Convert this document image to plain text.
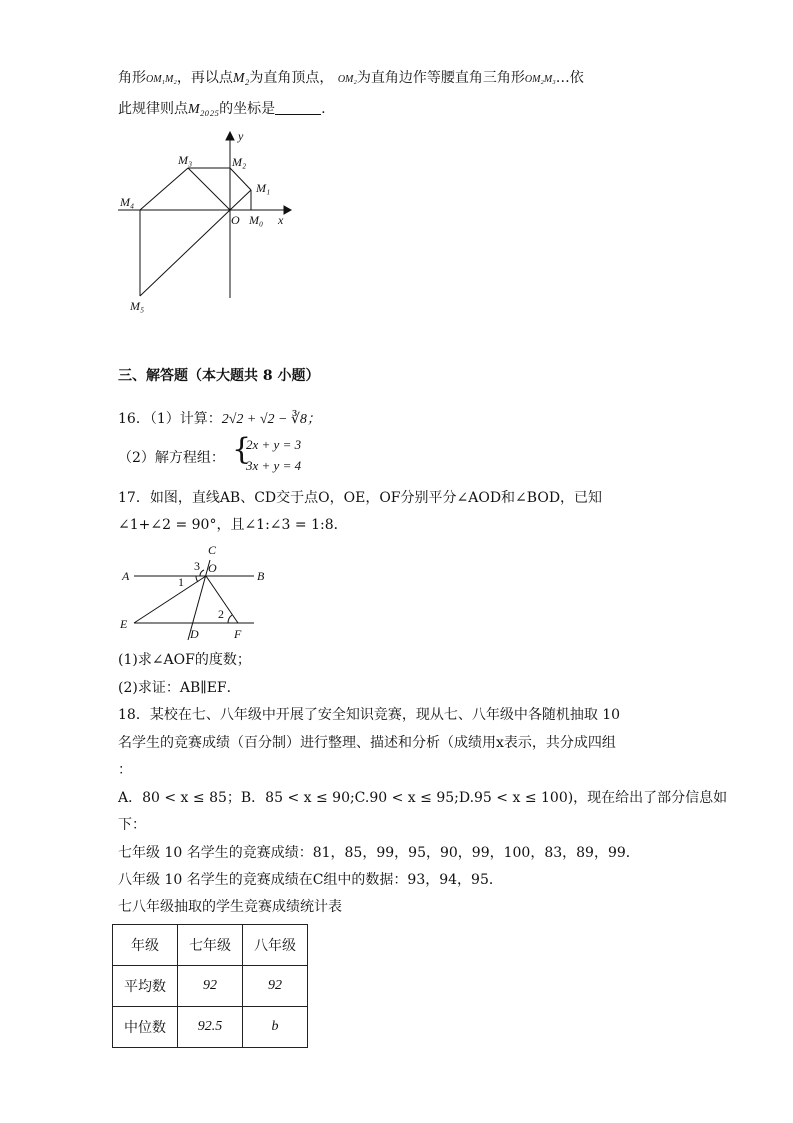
角形OM₁M₂，再以点M₂为直角顶点， OM₂为直角边作等腰直角三角形OM₂M₃…依
此规律则点M₂₀₂₅的坐标是	.
y
x
O M₀
M₁
M₂
M₃
M₄
M₅
三、解答题（本大题共 8 小题）
16．（1）计算：2√2 + √2 − ∛8；
（2）解方程组： {
2x + y = 3
3x + y = 4
17．如图，直线AB、CD交于点O，OE，OF分别平分∠AOD和∠BOD，已知
∠1+∠2 = 90°，且∠1:∠3 = 1:8．
A	B
C
O
D
E
F
1
2
3
(1)求∠AOF的度数；
(2)求证：AB∥EF．
18．某校在七、八年级中开展了安全知识竞赛，现从七、八年级中各随机抽取 10
名学生的竞赛成绩（百分制）进行整理、描述和分析（成绩用x表示，共分成四组
：
A．80 < x ≤ 85；B．85 < x ≤ 90;C.90 < x ≤ 95;D.95 < x ≤ 100)，现在给出了部分信息如
下：
七年级 10 名学生的竞赛成绩：81，85，99，95，90，99，100，83，89，99．
八年级 10 名学生的竞赛成绩在C组中的数据：93，94，95．
七八年级抽取的学生竞赛成绩统计表
年级	七年级	八年级
平均数	92	92
中位数	92.5	b
